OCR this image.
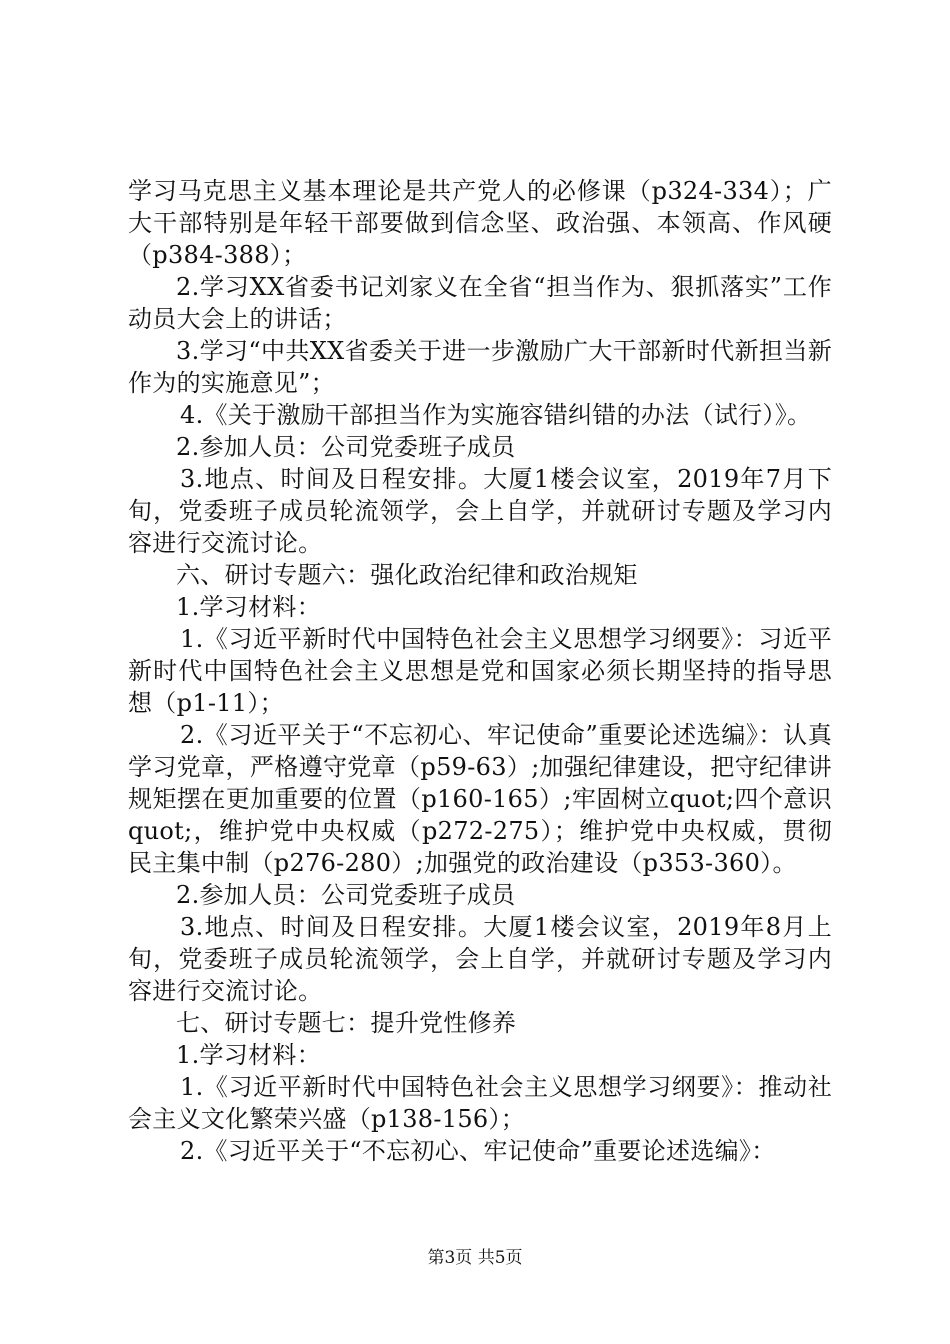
学习马克思主义基本理论是共产党人的必修课（p324-334）；广大干部特别是年轻干部要做到信念坚、政治强、本领高、作风硬（p384-388）；

2.学习XX省委书记刘家义在全省“担当作为、狠抓落实”工作动员大会上的讲话；

3.学习“中共XX省委关于进一步激励广大干部新时代新担当新作为的实施意见”；

4.《关于激励干部担当作为实施容错纠错的办法（试行）》。

2.参加人员：公司党委班子成员

3.地点、时间及日程安排。大厦1楼会议室，2019年7月下旬，党委班子成员轮流领学，会上自学，并就研讨专题及学习内容进行交流讨论。

六、研讨专题六：强化政治纪律和政治规矩

1.学习材料：

1.《习近平新时代中国特色社会主义思想学习纲要》：习近平新时代中国特色社会主义思想是党和国家必须长期坚持的指导思想（p1-11）；

2.《习近平关于“不忘初心、牢记使命”重要论述选编》：认真学习党章，严格遵守党章（p59-63）;加强纪律建设，把守纪律讲规矩摆在更加重要的位置（p160-165）;牢固树立quot;四个意识quot;，维护党中央权威（p272-275）；维护党中央权威，贯彻民主集中制（p276-280）;加强党的政治建设（p353-360）。

2.参加人员：公司党委班子成员

3.地点、时间及日程安排。大厦1楼会议室，2019年8月上旬，党委班子成员轮流领学，会上自学，并就研讨专题及学习内容进行交流讨论。

七、研讨专题七：提升党性修养

1.学习材料：

1.《习近平新时代中国特色社会主义思想学习纲要》：推动社会主义文化繁荣兴盛（p138-156）；

2.《习近平关于“不忘初心、牢记使命”重要论述选编》：

第3页 共5页
